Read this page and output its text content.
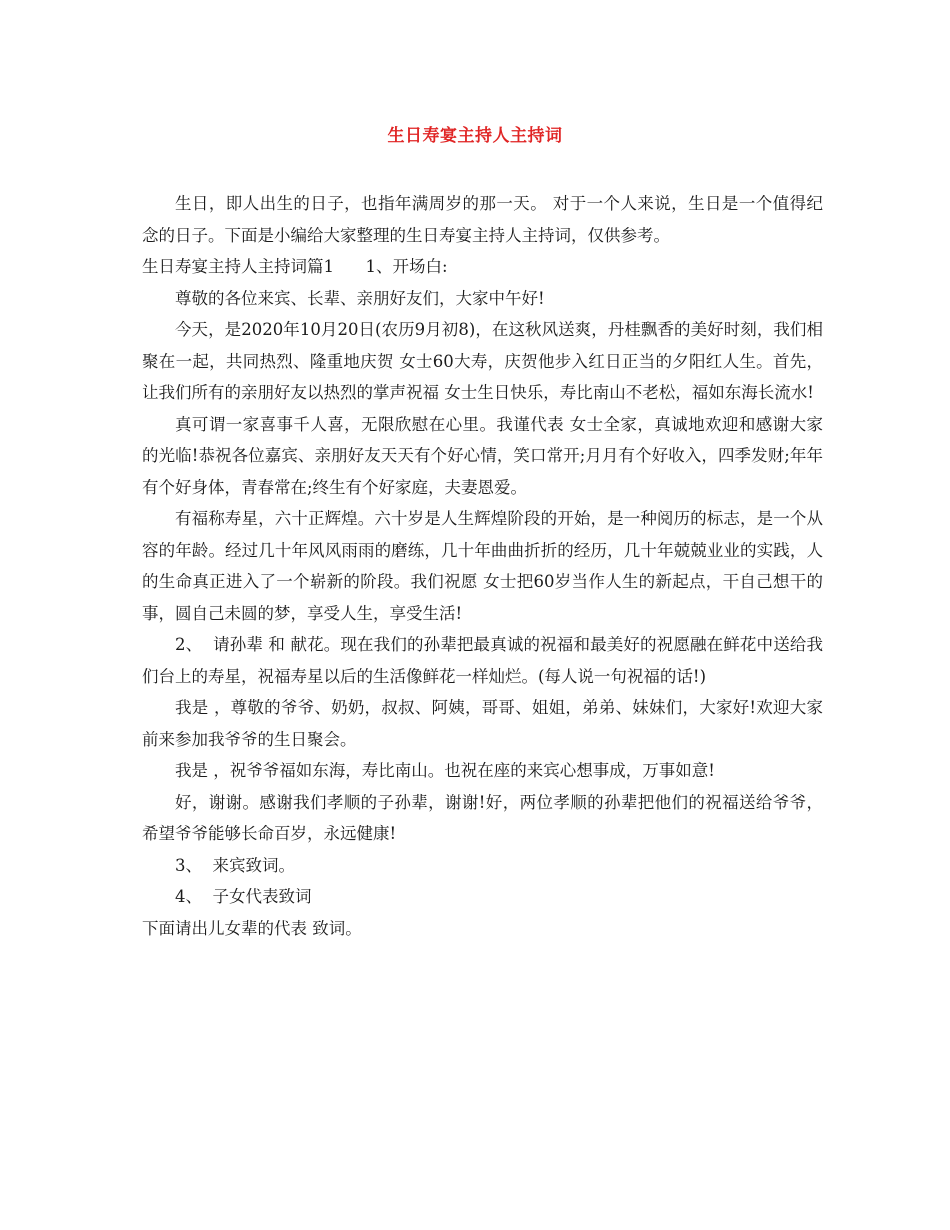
生日寿宴主持人主持词

生日，即人出生的日子，也指年满周岁的那一天。 对于一个人来说，生日是一个值得纪念的日子。下面是小编给大家整理的生日寿宴主持人主持词，仅供参考。

生日寿宴主持人主持词篇1      1、开场白:

尊敬的各位来宾、长辈、亲朋好友们，大家中午好!

今天，是2020年10月20日(农历9月初8)，在这秋风送爽，丹桂飘香的美好时刻，我们相聚在一起，共同热烈、隆重地庆贺 女士60大寿，庆贺他步入红日正当的夕阳红人生。首先，让我们所有的亲朋好友以热烈的掌声祝福 女士生日快乐，寿比南山不老松，福如东海长流水!

真可谓一家喜事千人喜，无限欣慰在心里。我谨代表 女士全家，真诚地欢迎和感谢大家的光临!恭祝各位嘉宾、亲朋好友天天有个好心情，笑口常开;月月有个好收入，四季发财;年年有个好身体，青春常在;终生有个好家庭，夫妻恩爱。

有福称寿星，六十正辉煌。六十岁是人生辉煌阶段的开始，是一种阅历的标志，是一个从容的年龄。经过几十年风风雨雨的磨练，几十年曲曲折折的经历，几十年兢兢业业的实践，人的生命真正进入了一个崭新的阶段。我们祝愿 女士把60岁当作人生的新起点，干自己想干的事，圆自己未圆的梦，享受人生，享受生活!

2、  请孙辈 和 献花。现在我们的孙辈把最真诚的祝福和最美好的祝愿融在鲜花中送给我们台上的寿星，祝福寿星以后的生活像鲜花一样灿烂。(每人说一句祝福的话!)

我是 ，尊敬的爷爷、奶奶，叔叔、阿姨，哥哥、姐姐，弟弟、妹妹们，大家好!欢迎大家前来参加我爷爷的生日聚会。

我是 ，祝爷爷福如东海，寿比南山。也祝在座的来宾心想事成，万事如意!

好，谢谢。感谢我们孝顺的子孙辈，谢谢!好，两位孝顺的孙辈把他们的祝福送给爷爷，希望爷爷能够长命百岁，永远健康!

3、  来宾致词。

4、  子女代表致词

下面请出儿女辈的代表 致词。
